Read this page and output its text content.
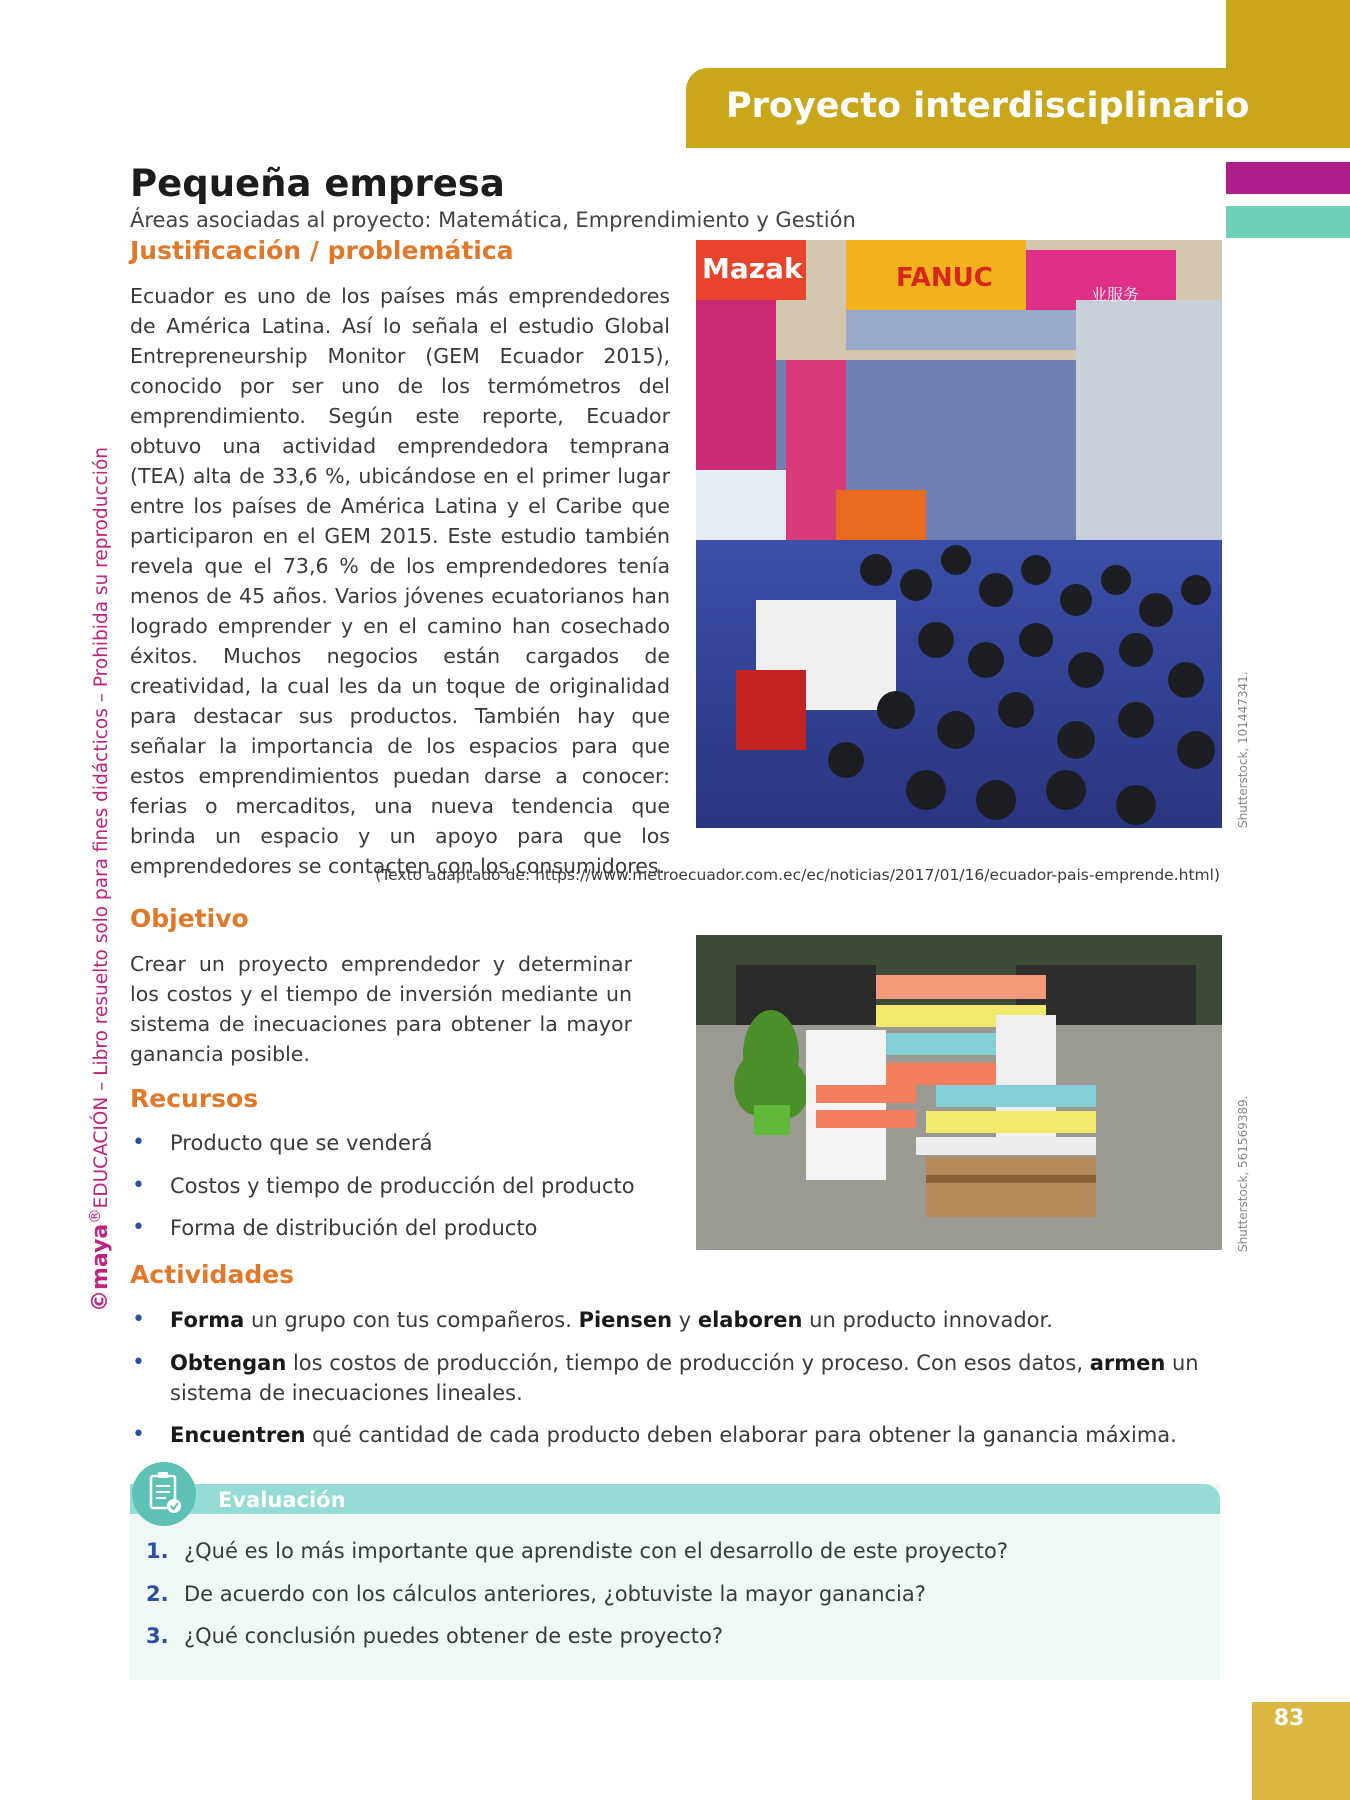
Proyecto interdisciplinario
©maya®EDUCACIÓN – Libro resuelto solo para fines didácticos – Prohibida su reproducción
Pequeña empresa
Áreas asociadas al proyecto: Matemática, Emprendimiento y Gestión
Justificación / problemática

Ecuador es uno de los países más emprendedores de América Latina. Así lo señala el estudio Global Entrepreneurship Monitor (GEM Ecuador 2015), conocido por ser uno de los termómetros del emprendimiento. Según este reporte, Ecuador obtuvo una actividad emprendedora temprana (TEA) alta de 33,6 %, ubicándose en el primer lugar entre los países de América Latina y el Caribe que participaron en el GEM 2015. Este estudio también revela que el 73,6 % de los emprendedores tenía menos de 45 años. Varios jóvenes ecuatorianos han logrado emprender y en el camino han cosechado éxitos. Muchos negocios están cargados de creatividad, la cual les da un toque de originalidad para destacar sus productos. También hay que señalar la importancia de los espacios para que estos emprendimientos puedan darse a conocer: ferias o mercaditos, una nueva tendencia que brinda un espacio y un apoyo para que los emprendedores se contacten con los consumidores.

Mazak	FANUC
业服务
Shutterstock, 101447341.
(Texto adaptado de: https://www.metroecuador.com.ec/ec/noticias/2017/01/16/ecuador-pais-emprende.html)
Objetivo

Crear un proyecto emprendedor y determinar los costos y el tiempo de inversión mediante un sistema de inecuaciones para obtener la mayor ganancia posible.

Shutterstock, 561569389.
Recursos
• Producto que se venderá
• Costos y tiempo de producción del producto
• Forma de distribución del producto
Actividades
• Forma un grupo con tus compañeros. Piensen y elaboren un producto innovador.
• Obtengan los costos de producción, tiempo de producción y proceso. Con esos datos, armen un sistema de inecuaciones lineales.
• Encuentren qué cantidad de cada producto deben elaborar para obtener la ganancia máxima.
Evaluación
1. ¿Qué es lo más importante que aprendiste con el desarrollo de este proyecto?
2. De acuerdo con los cálculos anteriores, ¿obtuviste la mayor ganancia?
3. ¿Qué conclusión puedes obtener de este proyecto?
83
